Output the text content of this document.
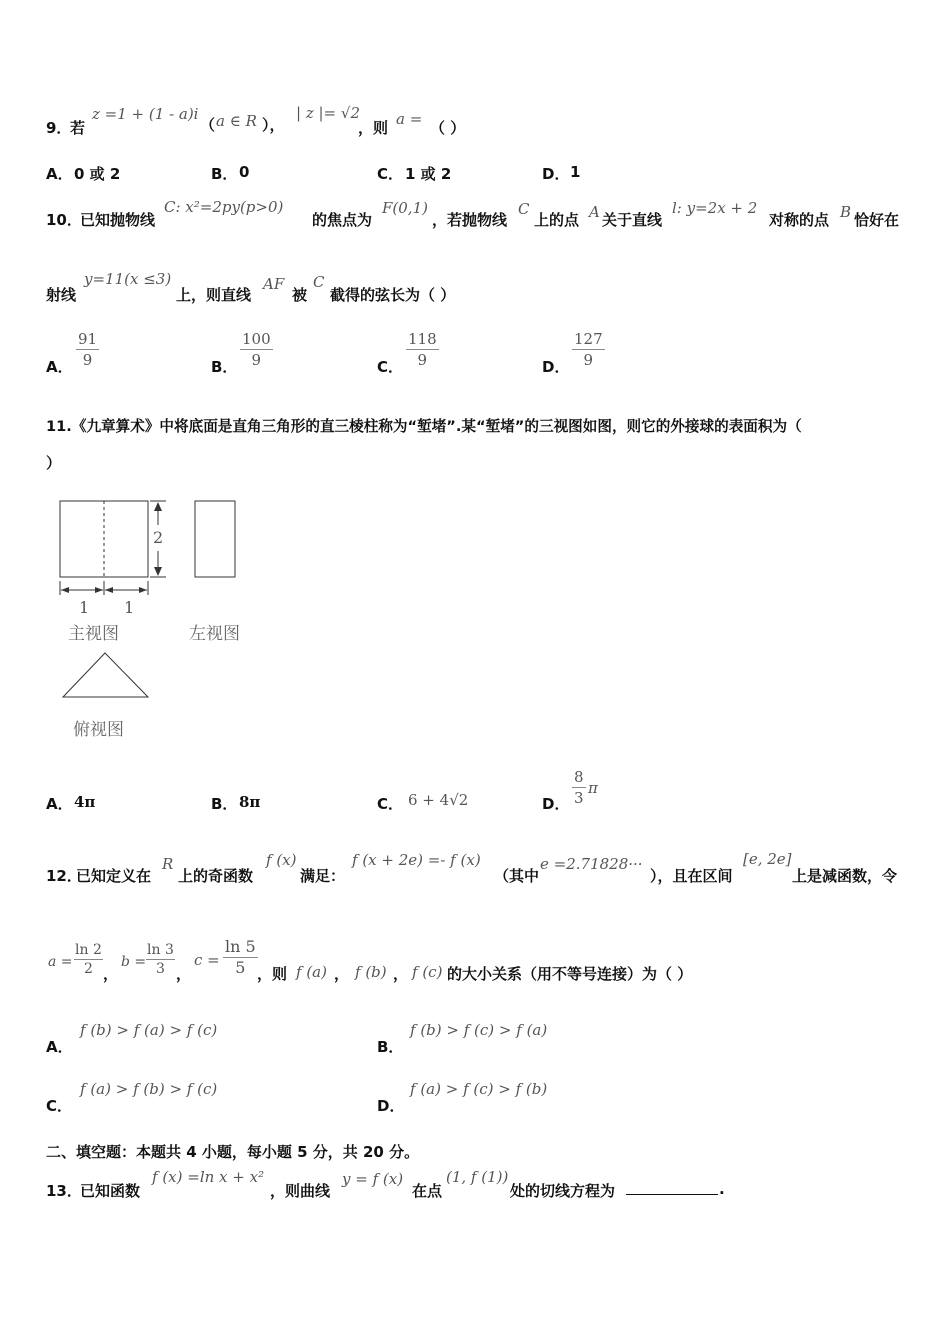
9．
若
z =1 + (1 - a)i
（ a ∈ R ），
| z |= √2
，则 a = （ ）
A． 0 或 2	B． 0	C． 1 或 2	D． 1
10．
已知抛物线
C: x²=2py(p>0)
的焦点为
F(0,1)
，若抛物线
C
上的点 A 关于直线
l: y=2x + 2
对称的点 B 恰好在
射线
y=11(x ≤3)
上，则直线
AF
被
C
截得的弦长为（ ）
A． $\frac{91}{9}$	B． $\frac{100}{9}$	C． $\frac{118}{9}$	D． $\frac{127}{9}$
11.《九章算术》中将底面是直角三角形的直三棱柱称为“堑堵”.某“堑堵”的三视图如图，则它的外接球的表面积为（
）
2
1 1
主视图	左视图
俯视图
A． 4π	B． 8π	C． 6 + 4√2	D． $\frac{8}{3}$ π
12．
已知定义在
R
上的奇函数
f (x)
满足：
f (x + 2e) =- f (x)
（其中
e =2.71828···
），且在区间
[e, 2e]
上是减函数，令
$a = \frac{\ln 2}{2}$ ，
$b = \frac{\ln 3}{3}$ ，
$c = \frac{\ln 5}{5}$ ，则 f (a) ， f (b) ， f (c) 的大小关系（用不等号连接）为（ ）
A．
f (b) > f (a) > f (c)
B．
f (b) > f (c) > f (a)
C．
f (a) > f (b) > f (c)
D．
f (a) > f (c) > f (b)
二、填空题：本题共 4 小题，每小题 5 分，共 20 分。
13．
已知函数
f (x) =ln x + x²
，则曲线
y = f (x)
在点
(1, f (1))
处的切线方程为	.
